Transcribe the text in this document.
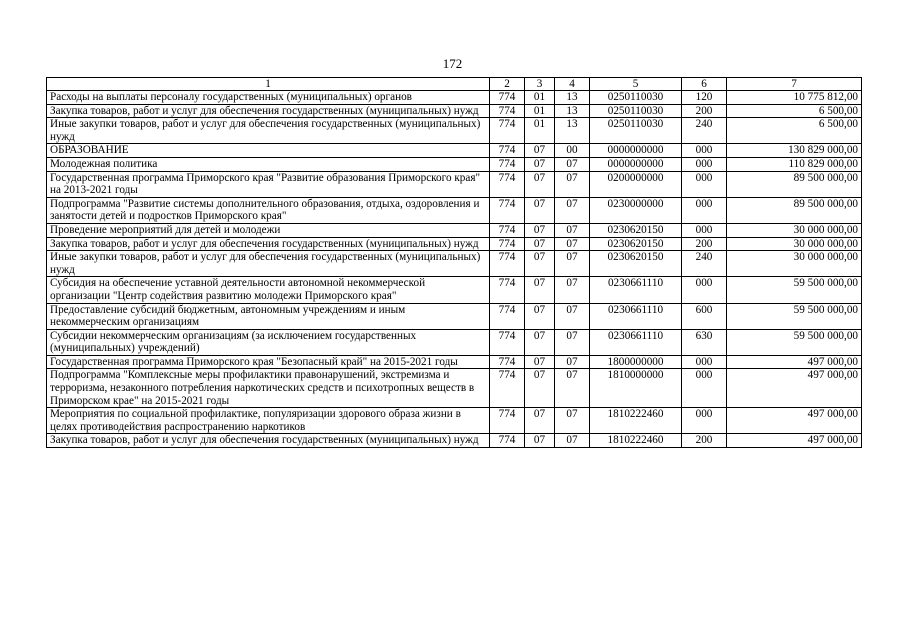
172
1	2	3	4	5	6	7
Расходы на выплаты персоналу государственных (муниципальных) органов	774	01	13	0250110030	120	10 775 812,00
Закупка товаров, работ и услуг для обеспечения государственных (муниципальных) нужд	774	01	13	0250110030	200	6 500,00
Иные закупки товаров, работ и услуг для обеспечения государственных (муниципальных) нужд	774	01	13	0250110030	240	6 500,00
ОБРАЗОВАНИЕ	774	07	00	0000000000	000	130 829 000,00
Молодежная политика	774	07	07	0000000000	000	110 829 000,00
Государственная программа Приморского края "Развитие образования Приморского края" на 2013-2021 годы	774	07	07	0200000000	000	89 500 000,00
Подпрограмма "Развитие системы дополнительного образования, отдыха, оздоровления и занятости детей и подростков Приморского края"	774	07	07	0230000000	000	89 500 000,00
Проведение мероприятий для детей и молодежи	774	07	07	0230620150	000	30 000 000,00
Закупка товаров, работ и услуг для обеспечения государственных (муниципальных) нужд	774	07	07	0230620150	200	30 000 000,00
Иные закупки товаров, работ и услуг для обеспечения государственных (муниципальных) нужд	774	07	07	0230620150	240	30 000 000,00
Субсидия на обеспечение уставной деятельности автономной некоммерческой организации "Центр содействия развитию молодежи Приморского края"	774	07	07	0230661110	000	59 500 000,00
Предоставление субсидий бюджетным, автономным учреждениям и иным некоммерческим организациям	774	07	07	0230661110	600	59 500 000,00
Субсидии некоммерческим организациям (за исключением государственных (муниципальных) учреждений)	774	07	07	0230661110	630	59 500 000,00
Государственная программа Приморского края "Безопасный край" на 2015-2021 годы	774	07	07	1800000000	000	497 000,00
Подпрограмма "Комплексные меры профилактики правонарушений, экстремизма и терроризма, незаконного потребления наркотических средств и психотропных веществ в Приморском крае" на 2015-2021 годы	774	07	07	1810000000	000	497 000,00
Мероприятия по социальной профилактике, популяризации здорового образа жизни в целях противодействия распространению наркотиков	774	07	07	1810222460	000	497 000,00
Закупка товаров, работ и услуг для обеспечения государственных (муниципальных) нужд	774	07	07	1810222460	200	497 000,00
